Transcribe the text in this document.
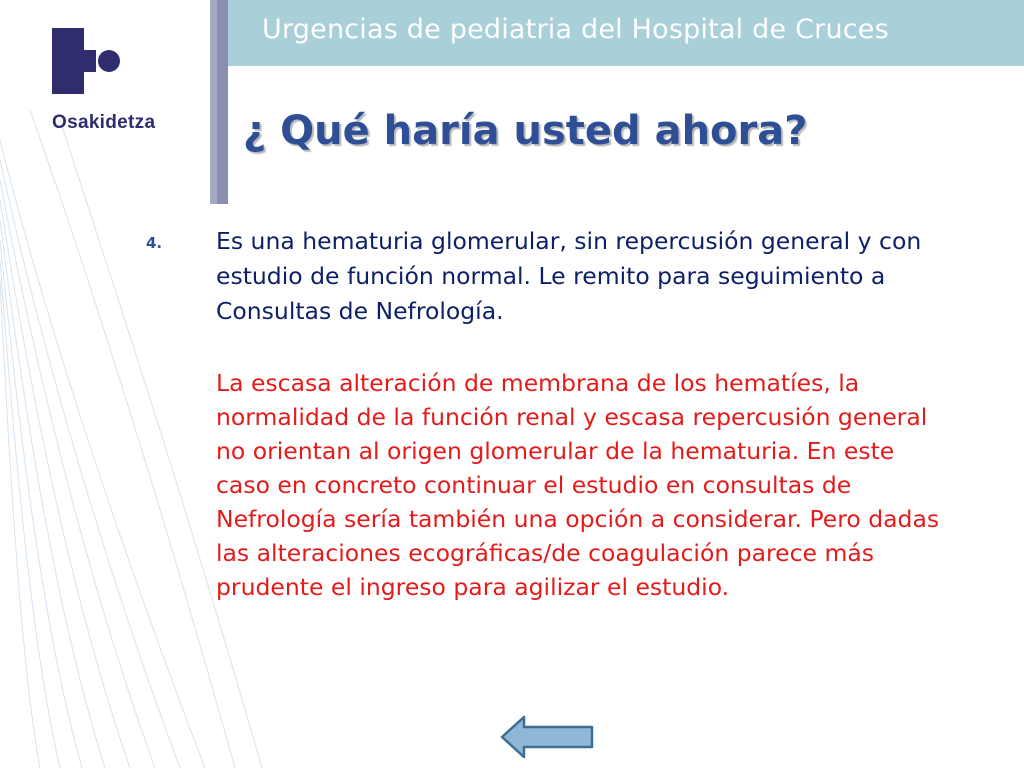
Urgencias de pediatria del Hospital de Cruces
Osakidetza ¿ Qué haría usted ahora?
4. Es una hematuria glomerular, sin repercusión general y con estudio de función normal. Le remito para seguimiento a Consultas de Nefrología.

La escasa alteración de membrana de los hematíes, la normalidad de la función renal y escasa repercusión general no orientan al origen glomerular de la hematuria. En este caso en concreto continuar el estudio en consultas de Nefrología sería también una opción a considerar. Pero dadas las alteraciones ecográficas/de coagulación parece más prudente el ingreso para agilizar el estudio.
